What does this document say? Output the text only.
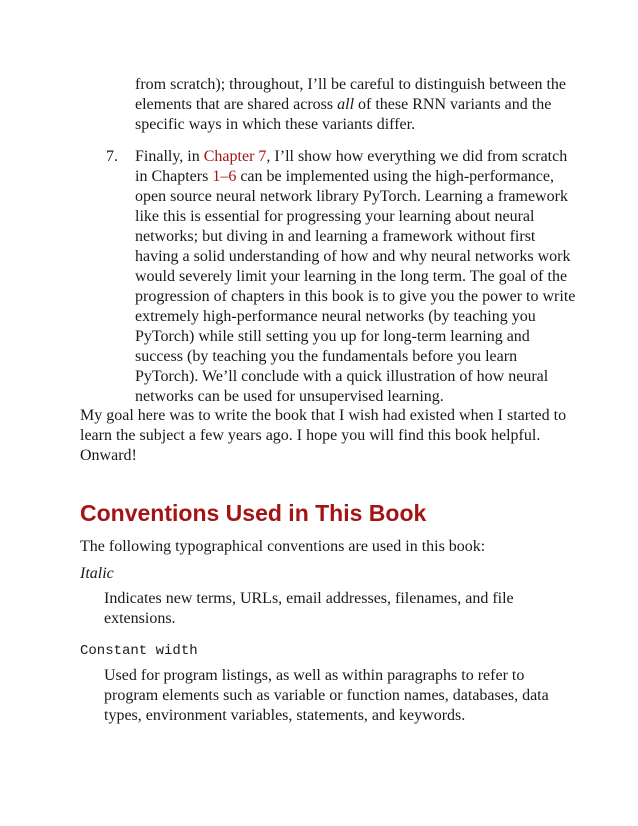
from scratch); throughout, I’ll be careful to distinguish between the elements that are shared across all of these RNN variants and the specific ways in which these variants differ.

7. Finally, in Chapter 7, I’ll show how everything we did from scratch in Chapters 1–6 can be implemented using the high-performance, open source neural network library PyTorch. Learning a framework like this is essential for progressing your learning about neural networks; but diving in and learning a framework without first having a solid understanding of how and why neural networks work would severely limit your learning in the long term. The goal of the progression of chapters in this book is to give you the power to write extremely high-performance neural networks (by teaching you PyTorch) while still setting you up for long-term learning and success (by teaching you the fundamentals before you learn PyTorch). We’ll conclude with a quick illustration of how neural networks can be used for unsupervised learning.

My goal here was to write the book that I wish had existed when I started to learn the subject a few years ago. I hope you will find this book helpful. Onward!

Conventions Used in This Book

The following typographical conventions are used in this book:

Italic

Indicates new terms, URLs, email addresses, filenames, and file extensions.

Constant width

Used for program listings, as well as within paragraphs to refer to program elements such as variable or function names, databases, data types, environment variables, statements, and keywords.
